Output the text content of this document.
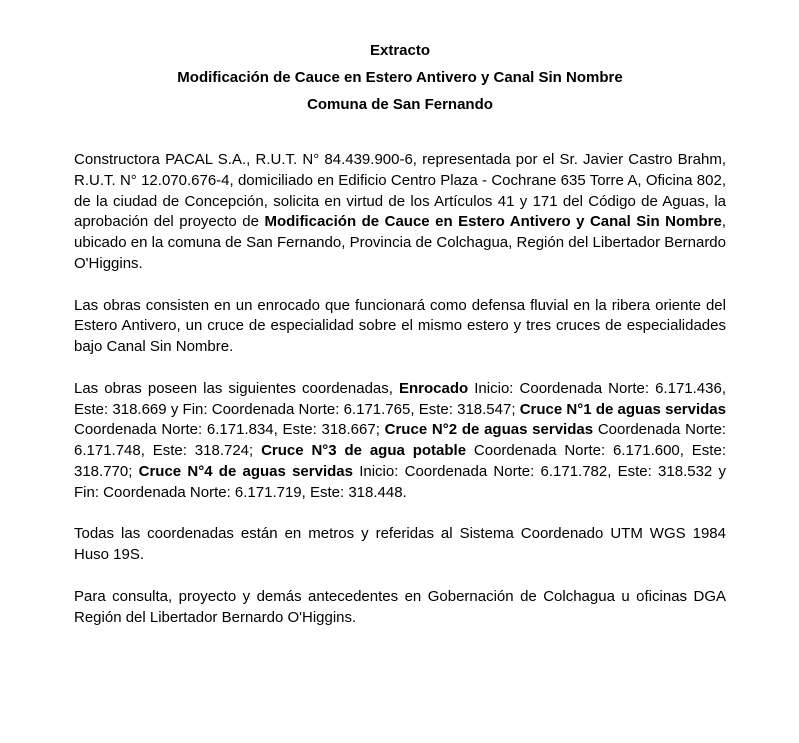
Extracto

Modificación de Cauce en Estero Antivero y Canal Sin Nombre

Comuna de San Fernando

Constructora PACAL S.A., R.U.T. N° 84.439.900-6, representada por el Sr. Javier Castro Brahm, R.U.T. N° 12.070.676-4, domiciliado en Edificio Centro Plaza - Cochrane 635 Torre A, Oficina 802, de la ciudad de Concepción, solicita en virtud de los Artículos 41 y 171 del Código de Aguas, la aprobación del proyecto de Modificación de Cauce en Estero Antivero y Canal Sin Nombre, ubicado en la comuna de San Fernando, Provincia de Colchagua, Región del Libertador Bernardo O'Higgins.

Las obras consisten en un enrocado que funcionará como defensa fluvial en la ribera oriente del Estero Antivero, un cruce de especialidad sobre el mismo estero y tres cruces de especialidades bajo Canal Sin Nombre.

Las obras poseen las siguientes coordenadas, Enrocado Inicio: Coordenada Norte: 6.171.436, Este: 318.669 y Fin: Coordenada Norte: 6.171.765, Este: 318.547; Cruce N°1 de aguas servidas Coordenada Norte: 6.171.834, Este: 318.667; Cruce N°2 de aguas servidas Coordenada Norte: 6.171.748, Este: 318.724; Cruce N°3 de agua potable Coordenada Norte: 6.171.600, Este: 318.770; Cruce N°4 de aguas servidas Inicio: Coordenada Norte: 6.171.782, Este: 318.532 y Fin: Coordenada Norte: 6.171.719, Este: 318.448.

Todas las coordenadas están en metros y referidas al Sistema Coordenado UTM WGS 1984 Huso 19S.

Para consulta, proyecto y demás antecedentes en Gobernación de Colchagua u oficinas DGA Región del Libertador Bernardo O'Higgins.
